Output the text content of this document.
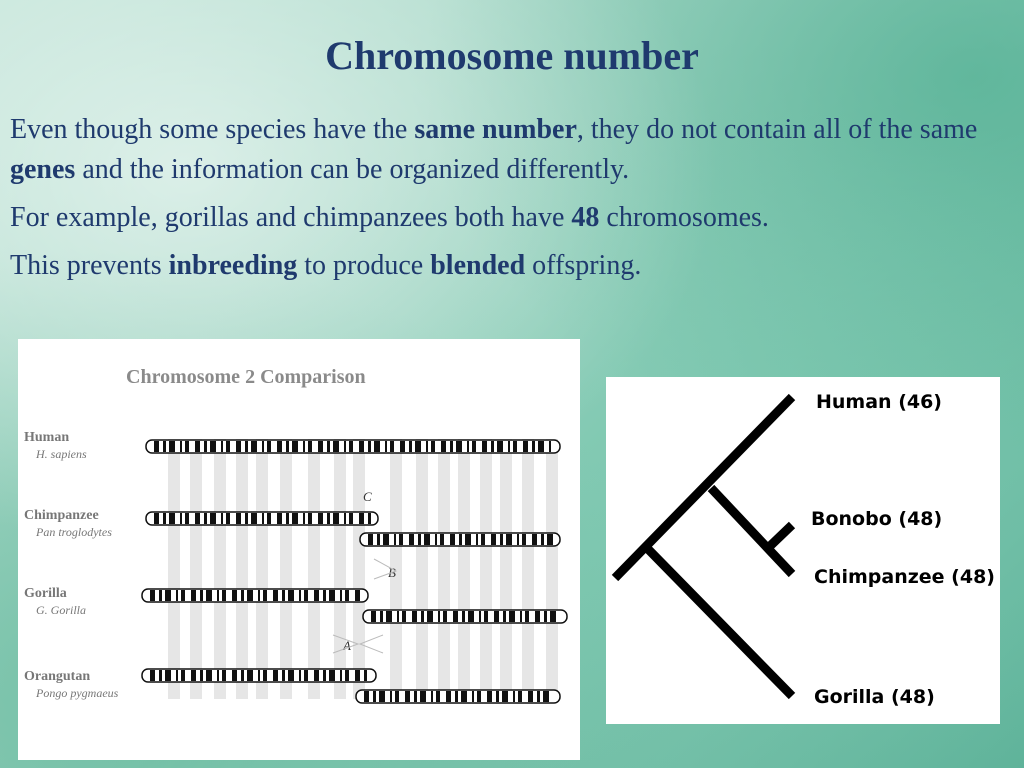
Chromosome number

Even though some species have the same number, they do not contain all of the same genes and the information can be organized differently.

For example, gorillas and chimpanzees both have 48 chromosomes.

This prevents inbreeding to produce blended offspring.

Chromosome 2 Comparison
Human
H. sapiens
Chimpanzee
Pan troglodytes
Gorilla
G. Gorilla
Orangutan
Pongo pygmaeus
C
B
A
Human (46)
Bonobo (48)
Chimpanzee (48)
Gorilla (48)
